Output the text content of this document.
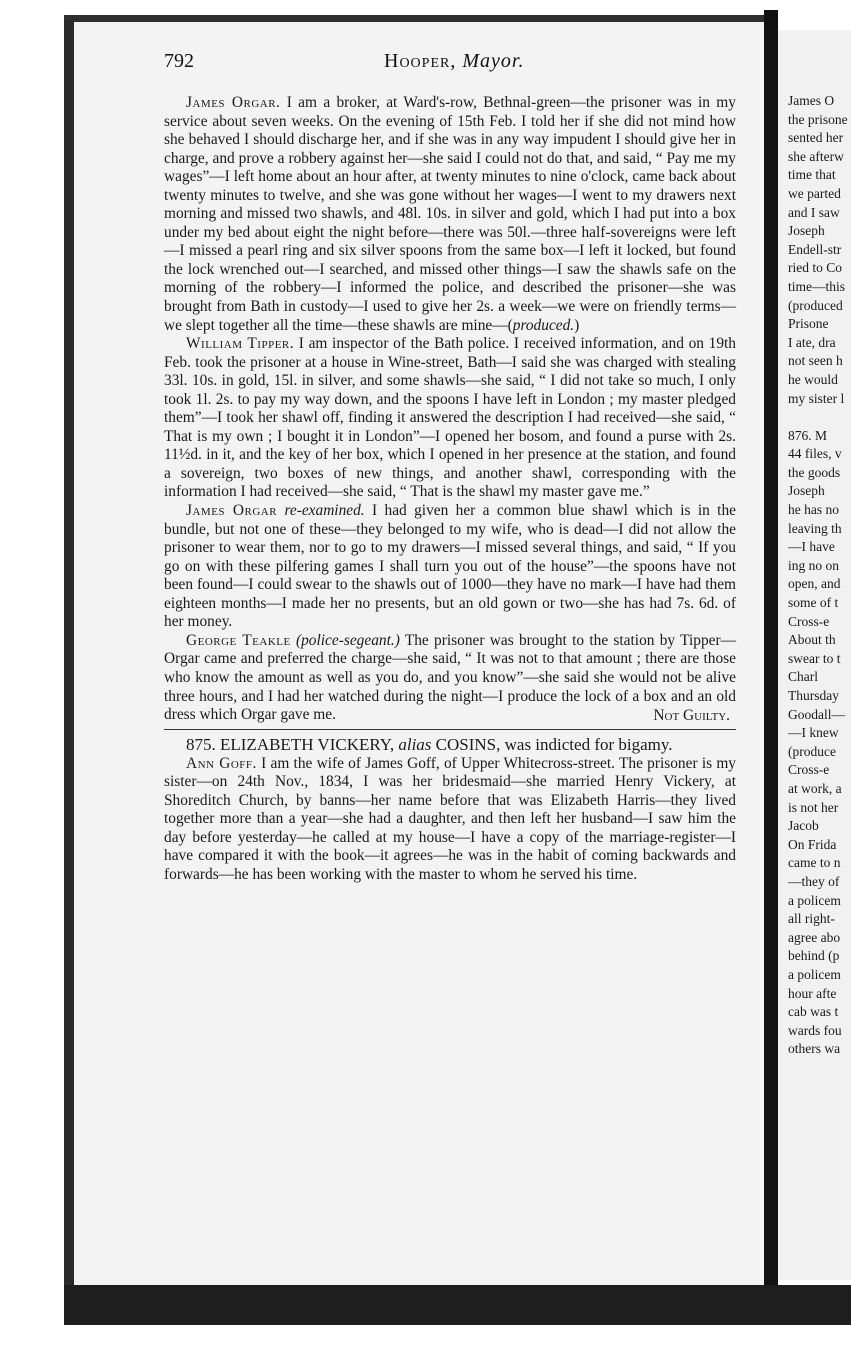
792	Hooper, Mayor.

James Orgar. I am a broker, at Ward's-row, Bethnal-green—the prisoner was in my service about seven weeks. On the evening of 15th Feb. I told her if she did not mind how she behaved I should discharge her, and if she was in any way impudent I should give her in charge, and prove a robbery against her—she said I could not do that, and said, “ Pay me my wages”—I left home about an hour after, at twenty minutes to nine o'clock, came back about twenty minutes to twelve, and she was gone without her wages—I went to my drawers next morning and missed two shawls, and 48l. 10s. in silver and gold, which I had put into a box under my bed about eight the night before—there was 50l.—three half-sovereigns were left—I missed a pearl ring and six silver spoons from the same box—I left it locked, but found the lock wrenched out—I searched, and missed other things—I saw the shawls safe on the morning of the robbery—I informed the police, and described the prisoner—she was brought from Bath in custody—I used to give her 2s. a week—we were on friendly terms—we slept together all the time—these shawls are mine—(produced.)

William Tipper. I am inspector of the Bath police. I received information, and on 19th Feb. took the prisoner at a house in Wine-street, Bath—I said she was charged with stealing 33l. 10s. in gold, 15l. in silver, and some shawls—she said, “ I did not take so much, I only took 1l. 2s. to pay my way down, and the spoons I have left in London ; my master pledged them”—I took her shawl off, finding it answered the description I had received—she said, “ That is my own ; I bought it in London”—I opened her bosom, and found a purse with 2s. 11½d. in it, and the key of her box, which I opened in her presence at the station, and found a sovereign, two boxes of new things, and another shawl, corresponding with the information I had received—she said, “ That is the shawl my master gave me.”

James Orgar re-examined. I had given her a common blue shawl which is in the bundle, but not one of these—they belonged to my wife, who is dead—I did not allow the prisoner to wear them, nor to go to my drawers—I missed several things, and said, “ If you go on with these pilfering games I shall turn you out of the house”—the spoons have not been found—I could swear to the shawls out of 1000—they have no mark—I have had them eighteen months—I made her no presents, but an old gown or two—she has had 7s. 6d. of her money.

George Teakle (police-segeant.) The prisoner was brought to the station by Tipper—Orgar came and preferred the charge—she said, “ It was not to that amount ; there are those who know the amount as well as you do, and you know”—she said she would not be alive three hours, and I had her watched during the night—I produce the lock of a box and an old dress which Orgar gave me.	Not Guilty.

875. ELIZABETH VICKERY, alias COSINS, was indicted for bigamy.

Ann Goff. I am the wife of James Goff, of Upper Whitecross-street. The prisoner is my sister—on 24th Nov., 1834, I was her bridesmaid—she married Henry Vickery, at Shoreditch Church, by banns—her name before that was Elizabeth Harris—they lived together more than a year—she had a daughter, and then left her husband—I saw him the day before yesterday—he called at my house—I have a copy of the marriage-register—I have compared it with the book—it agrees—he was in the habit of coming backwards and forwards—he has been working with the master to whom he served his time.

James O
the prisone
sented her
she afterw
time that
we parted
and I saw
Joseph
Endell-str
ried to Co
time—this
(produced
Prisone
I ate, dra
not seen h
he would
my sister l
876. M
44 files, v
the goods
Joseph
he has no
leaving th
—I have
ing no on
open, and
some of t
Cross-e
About th
swear to t
Charl
Thursday
Goodall—
—I knew
(produce
Cross-e
at work, a
is not her
Jacob
On Frida
came to n
—they of
a policem
all right-
agree abo
behind (p
a policem
hour afte
cab was t
wards fou
others wa
